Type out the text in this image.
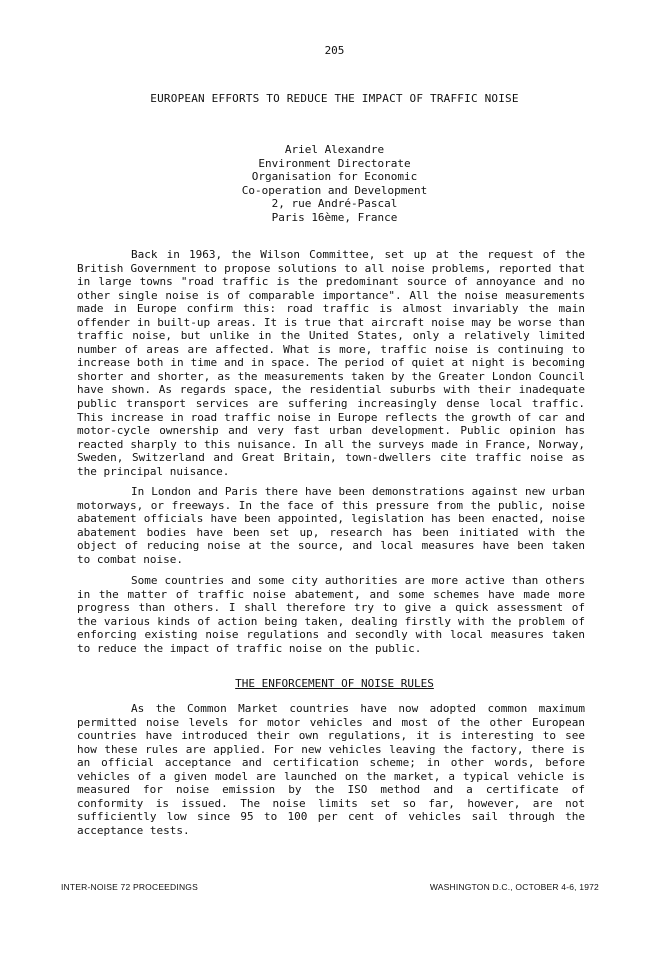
205
EUROPEAN EFFORTS TO REDUCE THE IMPACT OF TRAFFIC NOISE
Ariel Alexandre
Environment Directorate
Organisation for Economic
Co-operation and Development
2, rue André-Pascal
Paris 16ème, France

Back in 1963, the Wilson Committee, set up at the request of the British Government to propose solutions to all noise problems, reported that in large towns "road traffic is the predominant source of annoyance and no other single noise is of comparable importance". All the noise measurements made in Europe confirm this: road traffic is almost invariably the main offender in built-up areas. It is true that aircraft noise may be worse than traffic noise, but unlike in the United States, only a relatively limited number of areas are affected. What is more, traffic noise is continuing to increase both in time and in space. The period of quiet at night is becoming shorter and shorter, as the measurements taken by the Greater London Council have shown. As regards space, the residential suburbs with their inadequate public transport services are suffering increasingly dense local traffic. This increase in road traffic noise in Europe reflects the growth of car and motor-cycle ownership and very fast urban development. Public opinion has reacted sharply to this nuisance. In all the surveys made in France, Norway, Sweden, Switzerland and Great Britain, town-dwellers cite traffic noise as the principal nuisance.

In London and Paris there have been demonstrations against new urban motorways, or freeways. In the face of this pressure from the public, noise abatement officials have been appointed, legislation has been enacted, noise abatement bodies have been set up, research has been initiated with the object of reducing noise at the source, and local measures have been taken to combat noise.

Some countries and some city authorities are more active than others in the matter of traffic noise abatement, and some schemes have made more progress than others. I shall therefore try to give a quick assessment of the various kinds of action being taken, dealing firstly with the problem of enforcing existing noise regulations and secondly with local measures taken to reduce the impact of traffic noise on the public.

THE ENFORCEMENT OF NOISE RULES

As the Common Market countries have now adopted common maximum permitted noise levels for motor vehicles and most of the other European countries have introduced their own regulations, it is interesting to see how these rules are applied. For new vehicles leaving the factory, there is an official acceptance and certification scheme; in other words, before vehicles of a given model are launched on the market, a typical vehicle is measured for noise emission by the ISO method and a certificate of conformity is issued. The noise limits set so far, however, are not sufficiently low since 95 to 100 per cent of vehicles sail through the acceptance tests.

INTER-NOISE 72 PROCEEDINGS	WASHINGTON D.C., OCTOBER 4-6, 1972
